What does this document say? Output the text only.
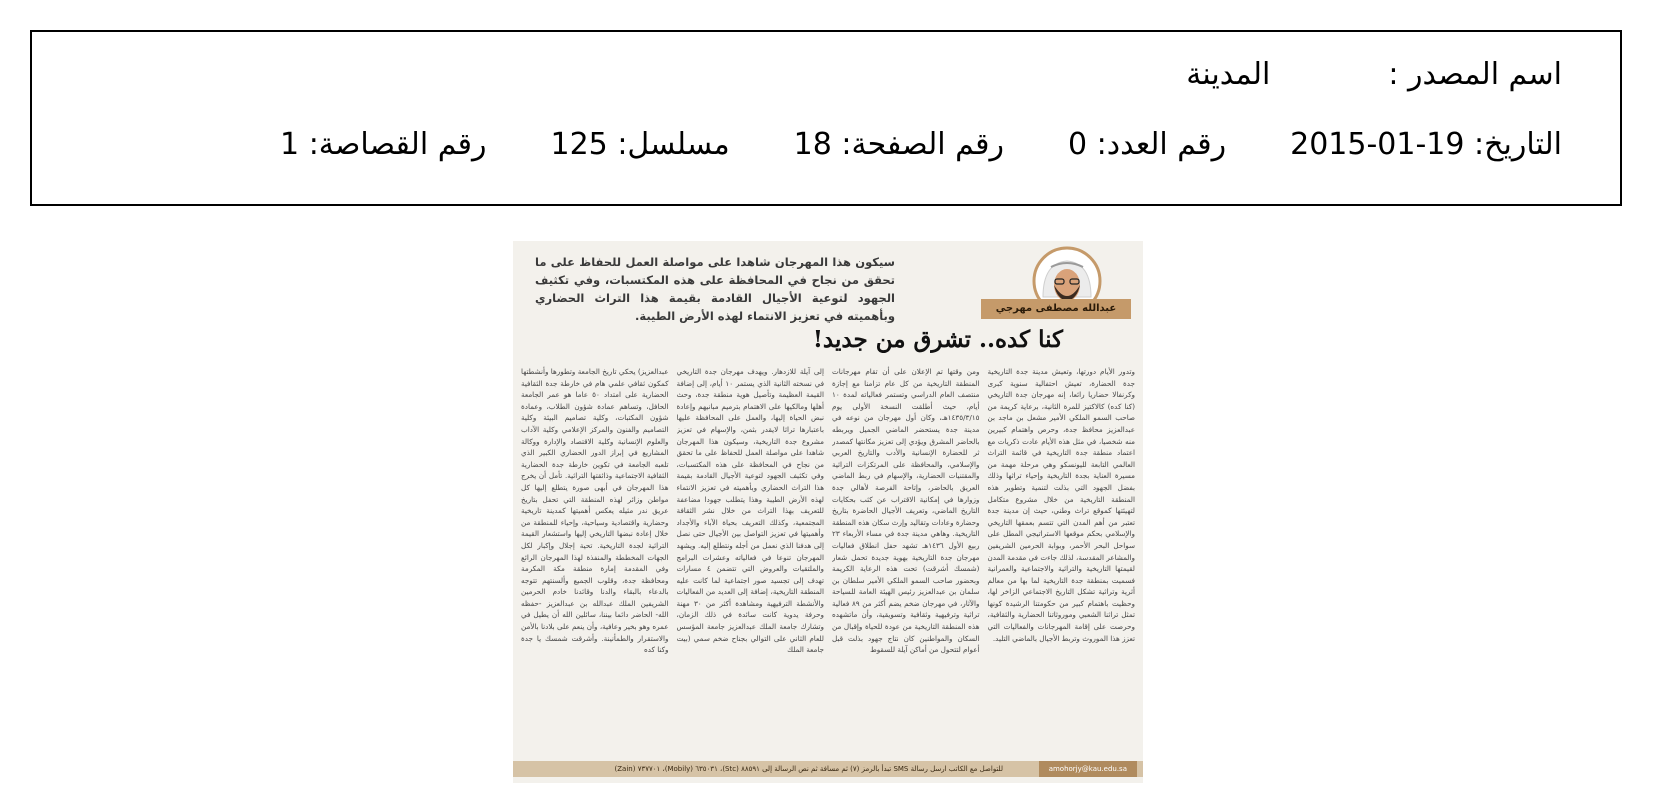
اسم المصدر :المدينة
التاريخ: 2015-01-19رقم العدد: 0رقم الصفحة: 18مسلسل: 125رقم القصاصة: 1
عبدالله مصطفى مهرجي
سيكون هذا المهرجان شاهدا على مواصلة العمل للحفاظ على ما تحقق من نجاح في المحافظة على هذه المكتسبات، وفي تكثيف الجهود لتوعية الأجيال القادمة بقيمة هذا التراث الحضاري وبأهميته في تعزيز الانتماء لهذه الأرض الطيبة.
كنا كده.. تشرق من جديد!
وتدور الأيام دورتها، وتعيش مدينة جدة التاريخية جدة الحضارة، تعيش احتفالية سنوية كبرى وكرنفالا حضاريا رائعا، إنه مهرجان جدة التاريخي (كنا كده) كالاكتيز للمرة الثانية، برعاية كريمة من صاحب السمو الملكي الأمير مشعل بن ماجد بن عبدالعزيز محافظ جدة، وحرص واهتمام كبيرين منه شخصيا، في مثل هذه الأيام عادت ذكريات مع اعتماد منطقة جدة التاريخية في قائمة التراث العالمي التابعة لليونسكو وهي مرحلة مهمة من مسيرة العناية بجدة التاريخية وإحياء تراثها وذلك بفضل الجهود التي بذلت لتنمية وتطوير هذه المنطقة التاريخية من خلال مشروع متكامل لتهيئتها كموقع تراث وطني، حيث إن مدينة جدة تعتبر من أهم المدن التي تتسم بعمقها التاريخي والإسلامي بحكم موقعها الاستراتيجي المطل على سواحل البحر الأحمر، وبوابة الحرمين الشريفين والمشاعر المقدسة، لذلك جاءت في مقدمة المدن لقيمتها التاريخية والتراثية والاجتماعية والعمرانية فسميت بمنطقة جدة التاريخية لما بها من معالم أثرية وتراثية تشكل التاريخ الاجتماعي الزاخر لها، وحظيت باهتمام كبير من حكومتنا الرشيدة كونها تمثل تراثنا الشعبي وموروثاتنا الحضارية والثقافية، وحرصت على إقامة المهرجانات والفعاليات التي تعزز هذا الموروث وتربط الأجيال بالماضي التليد.
ومن وقتها تم الإعلان على أن تقام مهرجانات المنطقة التاريخية من كل عام تزامنا مع إجازة منتصف العام الدراسي وتستمر فعالياته لمدة ١٠ أيام، حيث أطلقت النسخة الأولى يوم ١٤٣٥/٣/١٥هـ، وكان أول مهرجان من نوعه في مدينة جدة يستحضر الماضي الجميل ويربطه بالحاضر المشرق ويؤدي إلى تعزيز مكانتها كمصدر ثر للحضارة الإنسانية والأدب والتاريخ العربي والإسلامي، والمحافظة على المرتكزات التراثية والمقتنيات الحضارية، والإسهام في ربط الماضي العريق بالحاضر، وإتاحة الفرصة لأهالي جدة وزوارها في إمكانية الاقتراب عن كثب بحكايات التاريخ الماضي، وتعريف الأجيال الحاضرة بتاريخ وحضارة وعادات وتقاليد وإرث سكان هذه المنطقة التاريخية. وهاهي مدينة جدة في مساء الأربعاء ٢٣ ربيع الأول ١٤٣٦هـ تشهد حفل انطلاق فعاليات مهرجان جدة التاريخية بهوية جديدة تحمل شعار (شمسك أشرقت) تحت هذه الرعاية الكريمة وبحضور صاحب السمو الملكي الأمير سلطان بن سلمان بن عبدالعزيز رئيس الهيئة العامة للسياحة والآثار، في مهرجان ضخم يضم أكثر من ٨٩ فعالية تراثية وترفيهية وثقافية وتسويقية، وأن ماتشهده هذه المنطقة التاريخية من عودة للحياة وإقبال من السكان والمواطنين كان نتاج جهود بذلت قبل أعوام لتتحول من أماكن آيلة للسقوط
إلى آيلة للازدهار. ويهدف مهرجان جدة التاريخي في نسخته الثانية الذي يستمر ١٠ أيام، إلى إضافة القيمة العظيمة وتأصيل هوية منطقة جدة، وحث أهلها ومالكيها على الاهتمام بترميم مبانيهم وإعادة نبض الحياة إليها، والعمل على المحافظة عليها باعتبارها تراثا لايقدر بثمن، والإسهام في تعزيز مشروع جدة التاريخية، وسيكون هذا المهرجان شاهدا على مواصلة العمل للحفاظ على ما تحقق من نجاح في المحافظة على هذه المكتسبات، وفي تكثيف الجهود لتوعية الأجيال القادمة بقيمة هذا التراث الحضاري وبأهميته في تعزيز الانتماء لهذه الأرض الطيبة وهذا يتطلب جهودا مضاعفة للتعريف بهذا التراث من خلال نشر الثقافة المجتمعية، وكذلك التعريف بحياة الآباء والأجداد وأهميتها في تعزيز التواصل بين الأجيال حتى نصل إلى هدفنا الذي نعمل من أجله ونتطلع إليه. ويشهد المهرجان تنوعا في فعالياته وعشرات البرامج والملتقيات والعروض التي تتضمن ٤ مسارات تهدف إلى تجسيد صور اجتماعية لما كانت عليه المنطقة التاريخية، إضافة إلى العديد من الفعاليات والأنشطة الترفيهية ومشاهدة أكثر من ٣٠ مهنة وحرفة يدوية كانت سائدة في ذلك الزمان، وتشارك جامعة الملك عبدالعزيز جامعة المؤسس للعام الثاني على التوالي بجناح ضخم سمي (بيت جامعة الملك
عبدالعزيز) يحكي تاريخ الجامعة وتطورها وأنشطتها كمكون ثقافي علمي هام في خارطة جدة الثقافية الحضارية على امتداد ٥٠ عاما هو عمر الجامعة الحافل، وتساهم عمادة شؤون الطلاب، وعمادة شؤون المكتبات، وكلية تصاميم البيئة وكلية التصاميم والفنون والمركز الإعلامي وكلية الآداب والعلوم الإنسانية وكلية الاقتصاد والإدارة ووكالة المشاريع في إبراز الدور الحضاري الكبير الذي تلعبه الجامعة في تكوين خارطة جدة الحضارية الثقافية الاجتماعية وذائقتها التراثية. تأمل أن يخرج هذا المهرجان في أبهى صورة يتطلع إليها كل مواطن وزائر لهذه المنطقة التي تحفل بتاريخ عريق ندر مثيله يعكس أهميتها كمدينة تاريخية وحضارية واقتصادية وسياحية، وإحياء للمنطقة من خلال إعادة نبضها التاريخي إليها واستشعار القيمة التراثية لجدة التاريخية. تحية إجلال وإكبار لكل الجهات المخططة والمنفذة لهذا المهرجان الرائع وفي المقدمة إمارة منطقة مكة المكرمة ومحافظة جدة، وقلوب الجميع وألسنتهم تتوجه بالدعاء بالبقاء والدنا وقائدنا خادم الحرمين الشريفين الملك عبدالله بن عبدالعزيز -حفظه الله- الحاضر دائما بيننا، سائلين الله أن يطيل في عمره وهو بخير وعافية، وأن ينعم على بلادنا بالأمن والاستقرار والطمأنينة. وأشرقت شمسك يا جدة وكنا كده
amohorjy@kau.edu.sa
للتواصل مع الكاتب ارسل رسالة SMS تبدأ بالرمز (٧) ثم مسافة ثم نص الرسالة إلى ٨٨٥٩١ (Stc)، ٦٣٥٠٣١ (Mobily)، ٧٣٧٧٠١ (Zain)
